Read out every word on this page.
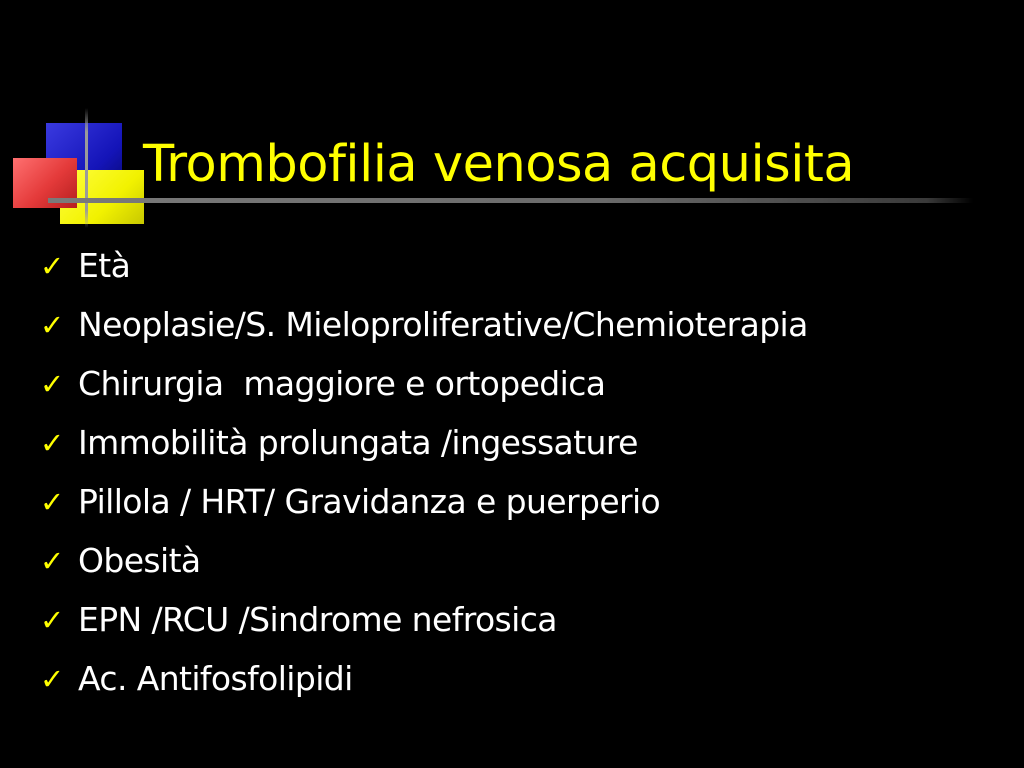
Trombofilia venosa acquisita
✓ Età
✓ Neoplasie/S. Mieloproliferative/Chemioterapia
✓ Chirurgia  maggiore e ortopedica
✓ Immobilità prolungata /ingessature
✓ Pillola / HRT/ Gravidanza e puerperio
✓ Obesità
✓ EPN /RCU /Sindrome nefrosica
✓ Ac. Antifosfolipidi
